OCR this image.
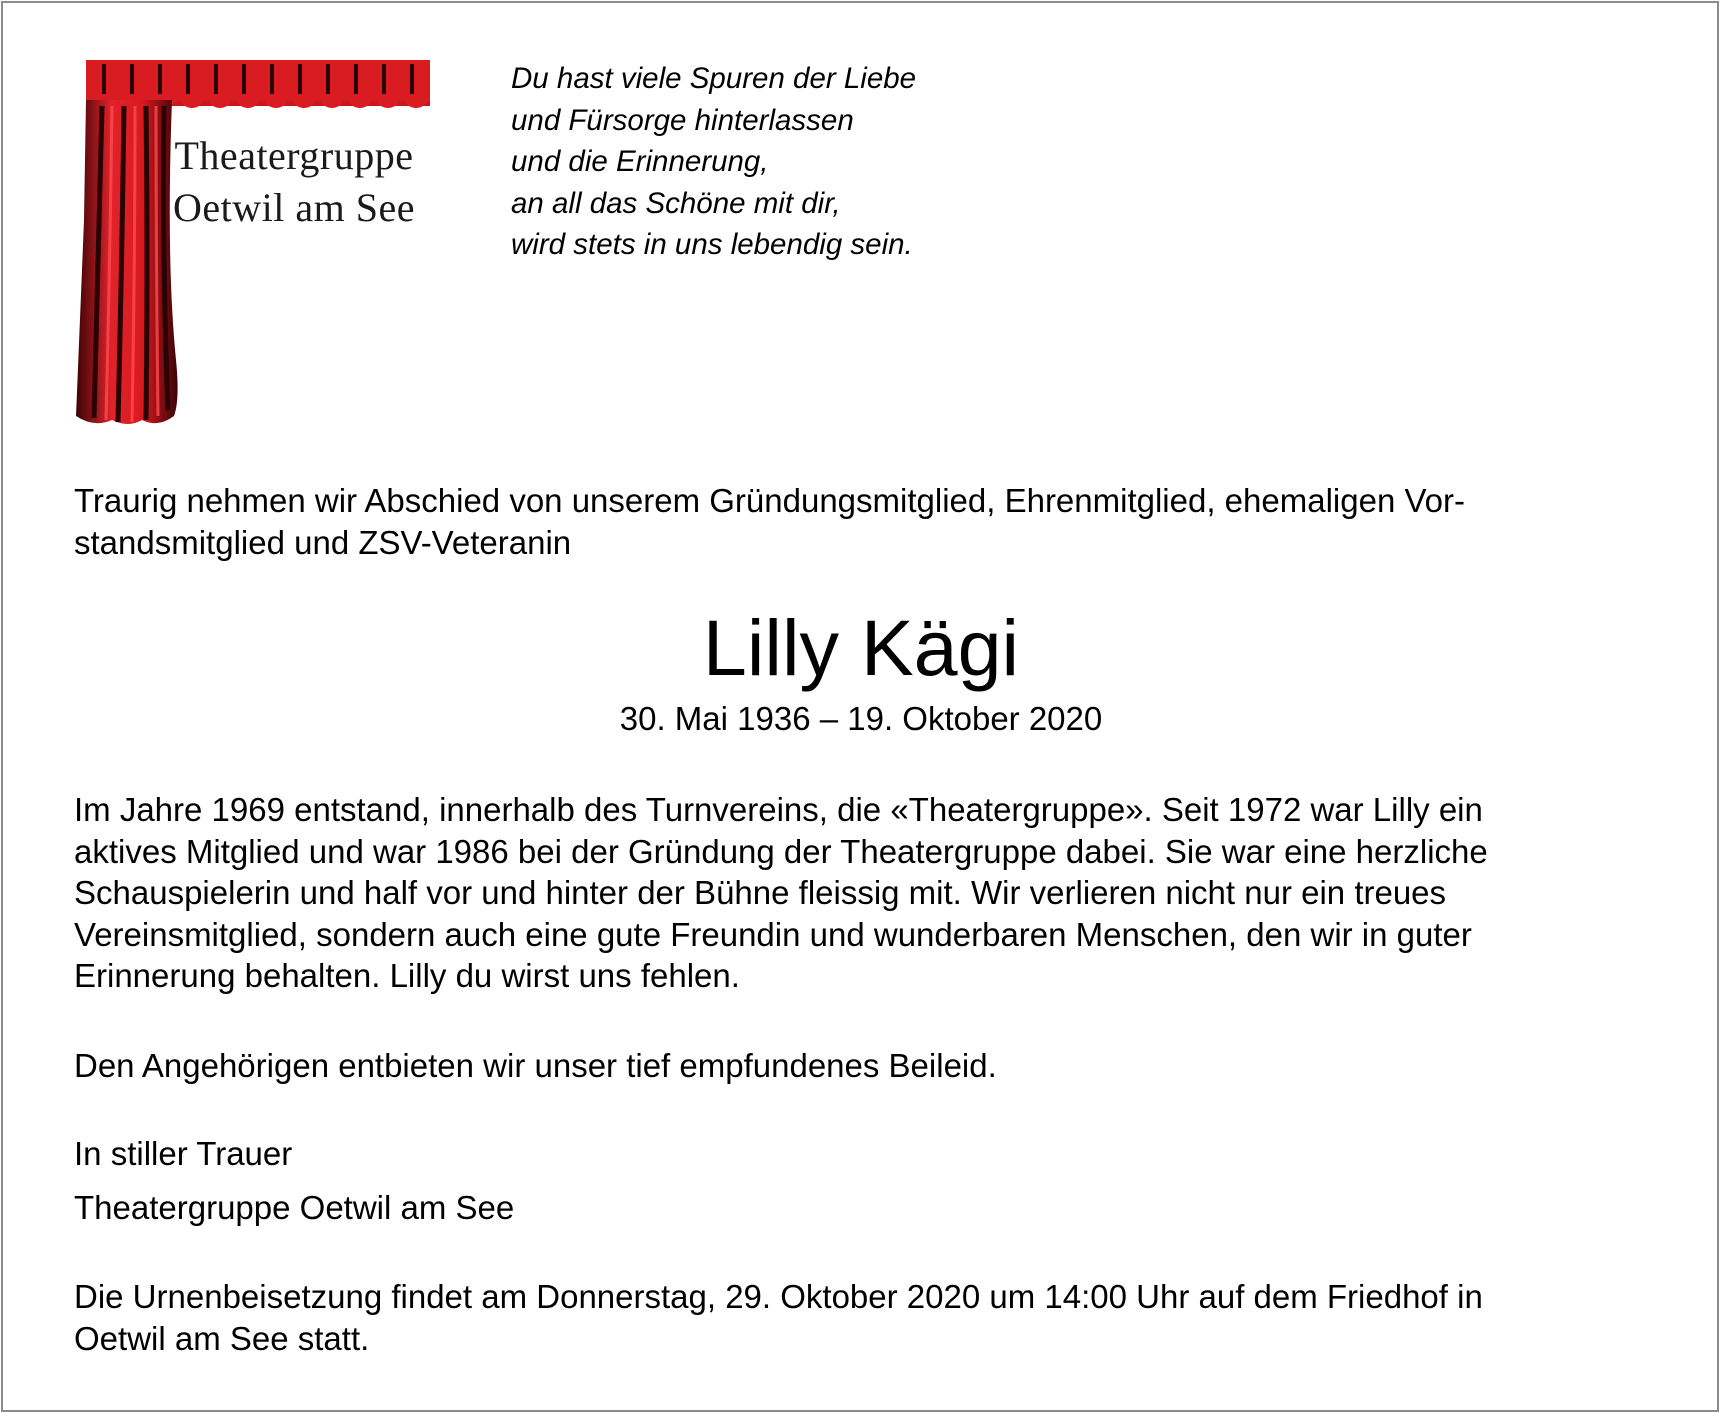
Theatergruppe
Oetwil am See
Du hast viele Spuren der Liebe
und Fürsorge hinterlassen
und die Erinnerung,
an all das Schöne mit dir,
wird stets in uns lebendig sein.
Traurig nehmen wir Abschied von unserem Gründungsmitglied, Ehrenmitglied, ehemaligen Vor-
standsmitglied und ZSV-Veteranin
Lilly Kägi
30. Mai 1936 – 19. Oktober 2020
Im Jahre 1969 entstand, innerhalb des Turnvereins, die «Theatergruppe». Seit 1972 war Lilly ein
aktives Mitglied und war 1986 bei der Gründung der Theatergruppe dabei. Sie war eine herzliche
Schauspielerin und half vor und hinter der Bühne fleissig mit. Wir verlieren nicht nur ein treues
Vereinsmitglied, sondern auch eine gute Freundin und wunderbaren Menschen, den wir in guter
Erinnerung behalten. Lilly du wirst uns fehlen.
Den Angehörigen entbieten wir unser tief empfundenes Beileid.
In stiller Trauer
Theatergruppe Oetwil am See
Die Urnenbeisetzung findet am Donnerstag, 29. Oktober 2020 um 14:00 Uhr auf dem Friedhof in
Oetwil am See statt.
